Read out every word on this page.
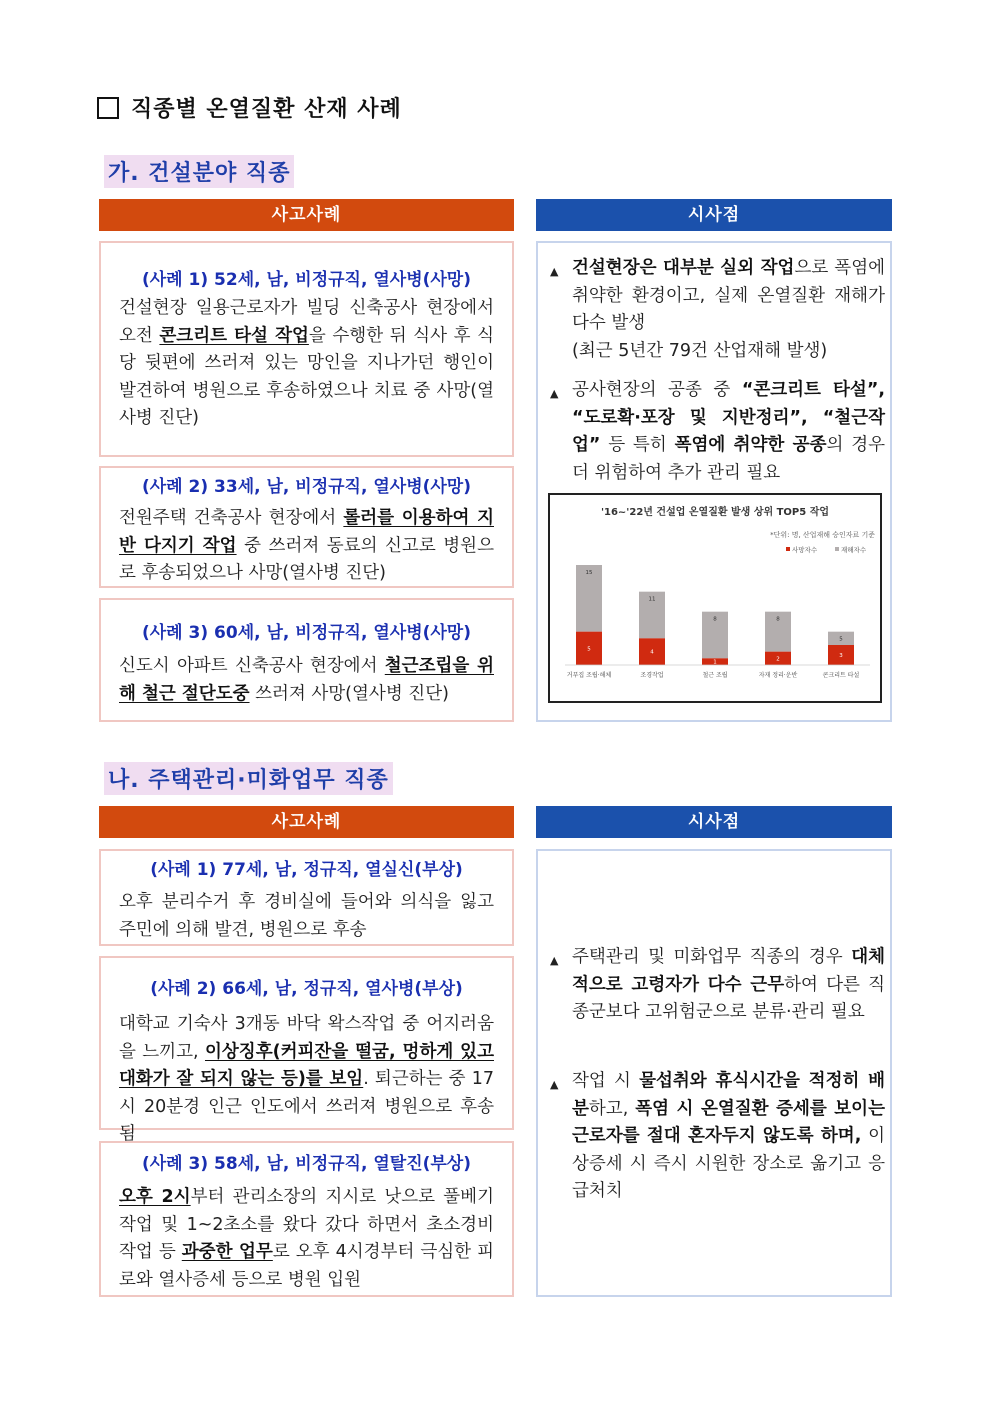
직종별 온열질환 산재 사례
가. 건설분야 직종
사고사례	시사점
(사례 1) 52세, 남, 비정규직, 열사병(사망)
건설현장 일용근로자가 빌딩 신축공사 현장에서 오전 콘크리트 타설 작업을 수행한 뒤 식사 후 식당 뒷편에 쓰러져 있는 망인을 지나가던 행인이 발견하여 병원으로 후송하였으나 치료 중 사망(열사병 진단)
(사례 2) 33세, 남, 비정규직, 열사병(사망)
전원주택 건축공사 현장에서 롤러를 이용하여 지반 다지기 작업 중 쓰러져 동료의 신고로 병원으로 후송되었으나 사망(열사병 진단)
(사례 3) 60세, 남, 비정규직, 열사병(사망)
신도시 아파트 신축공사 현장에서 철근조립을 위해 철근 절단도중 쓰러져 사망(열사병 진단)
▲ 건설현장은 대부분 실외 작업으로 폭염에 취약한 환경이고, 실제 온열질환 재해가 다수 발생
(최근 5년간 79건 산업재해 발생)
▲ 공사현장의 공종 중 “콘크리트 타설”, “도로확·포장 및 지반정리”, “철근작업” 등 특히 폭염에 취약한 공종의 경우 더 위험하여 추가 관리 필요
'16~'22년 건설업 온열질환 발생 상위 TOP5 작업
*단위: 명, 산업재해 승인자료 기준
사망자수	재해자수
15
5
11
4
8
1
8
2
5
3
거푸집 조립·해체	조경작업	철근 조립	자재 정리·운반	콘크리트 타설
나. 주택관리·미화업무 직종
사고사례	시사점
(사례 1) 77세, 남, 정규직, 열실신(부상)
오후 분리수거 후 경비실에 들어와 의식을 잃고 주민에 의해 발견, 병원으로 후송
(사례 2) 66세, 남, 정규직, 열사병(부상)
대학교 기숙사 3개동 바닥 왁스작업 중 어지러움을 느끼고, 이상징후(커피잔을 떨굼, 멍하게 있고 대화가 잘 되지 않는 등)를 보임. 퇴근하는 중 17시 20분경 인근 인도에서 쓰러져 병원으로 후송됨
(사례 3) 58세, 남, 비정규직, 열탈진(부상)
오후 2시부터 관리소장의 지시로 낫으로 풀베기 작업 및 1~2초소를 왔다 갔다 하면서 초소경비 작업 등 과중한 업무로 오후 4시경부터 극심한 피로와 열사증세 등으로 병원 입원
▲ 주택관리 및 미화업무 직종의 경우 대체적으로 고령자가 다수 근무하여 다른 직종군보다 고위험군으로 분류·관리 필요
▲ 작업 시 물섭취와 휴식시간을 적정히 배분하고, 폭염 시 온열질환 증세를 보이는 근로자를 절대 혼자두지 않도록 하며, 이상증세 시 즉시 시원한 장소로 옮기고 응급처치
